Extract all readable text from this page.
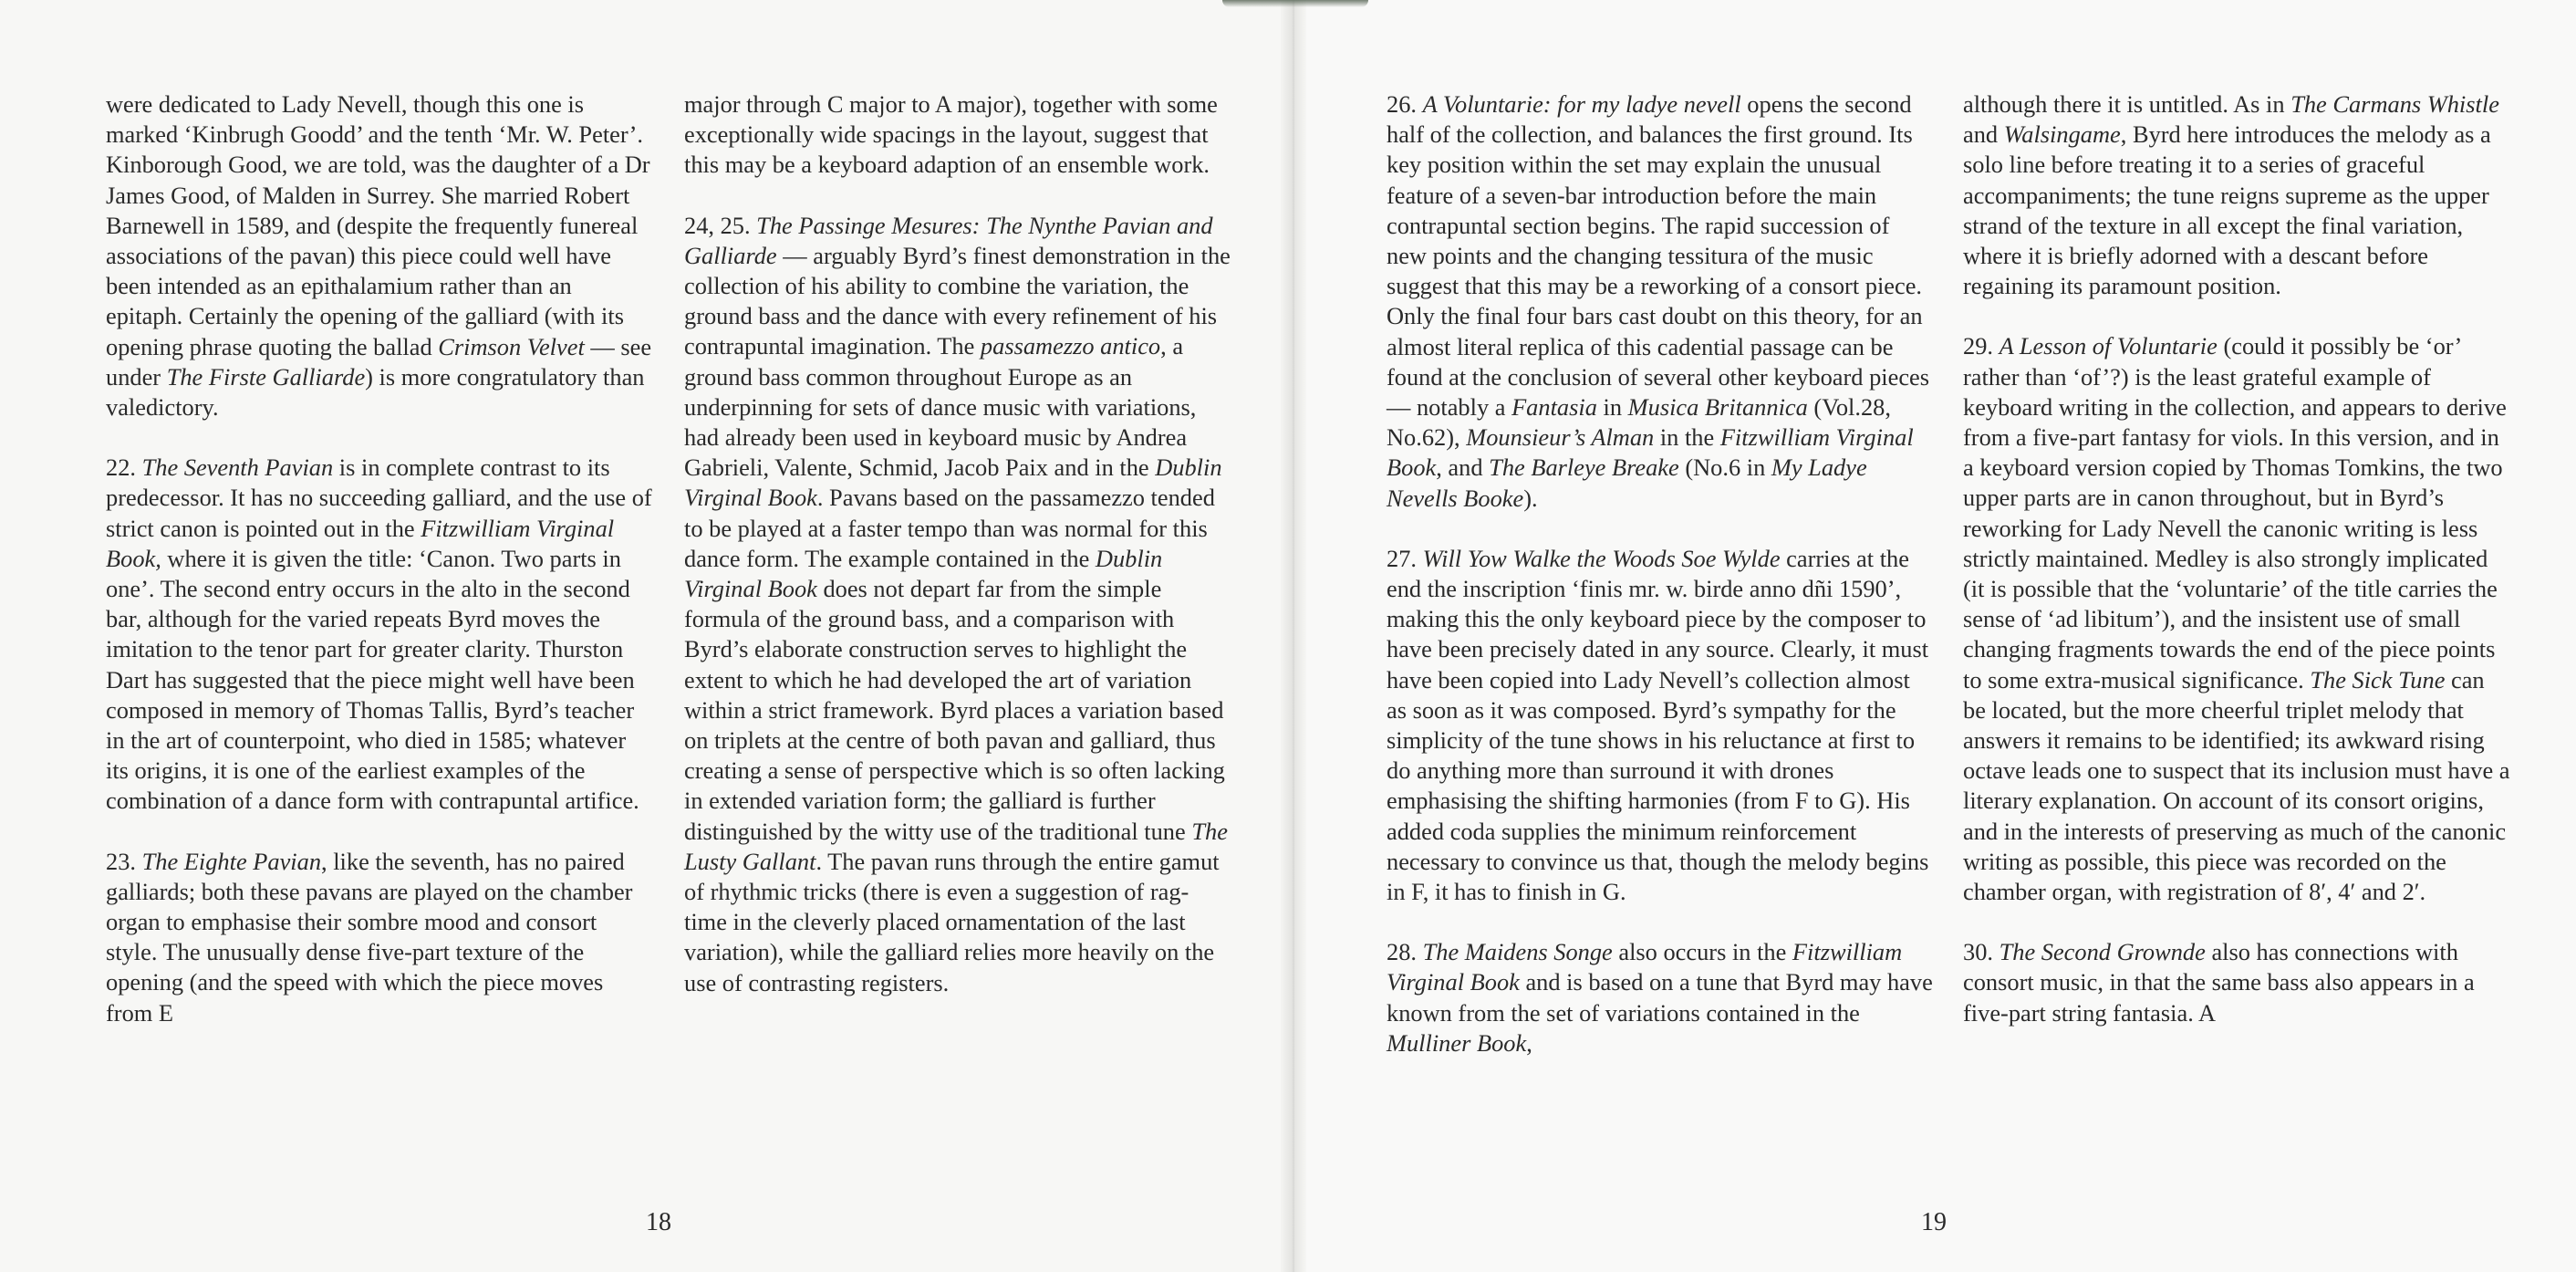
were dedicated to Lady Nevell, though this one is marked ‘Kinbrugh Goodd’ and the tenth ‘Mr. W. Peter’. Kinborough Good, we are told, was the daughter of a Dr James Good, of Malden in Surrey. She married Robert Barnewell in 1589, and (despite the frequently funereal associations of the pavan) this piece could well have been intended as an epithalamium rather than an epitaph. Certainly the opening of the galliard (with its opening phrase quoting the ballad Crimson Velvet — see under The Firste Galliarde) is more congratulatory than valedictory.

22. The Seventh Pavian is in complete contrast to its predecessor. It has no succeeding galliard, and the use of strict canon is pointed out in the Fitzwilliam Virginal Book, where it is given the title: ‘Canon. Two parts in one’. The second entry occurs in the alto in the second bar, although for the varied repeats Byrd moves the imitation to the tenor part for greater clarity. Thurston Dart has suggested that the piece might well have been composed in memory of Thomas Tallis, Byrd’s teacher in the art of counterpoint, who died in 1585; whatever its origins, it is one of the earliest examples of the combination of a dance form with contrapuntal artifice.

23. The Eighte Pavian, like the seventh, has no paired galliards; both these pavans are played on the chamber organ to emphasise their sombre mood and consort style. The unusually dense five-part texture of the opening (and the speed with which the piece moves from E

major through C major to A major), together with some exceptionally wide spacings in the layout, suggest that this may be a keyboard adaption of an ensemble work.

24, 25. The Passinge Mesures: The Nynthe Pavian and Galliarde — arguably Byrd’s finest demonstration in the collection of his ability to combine the variation, the ground bass and the dance with every refinement of his contrapuntal imagination. The passamezzo antico, a ground bass common throughout Europe as an underpinning for sets of dance music with variations, had already been used in keyboard music by Andrea Gabrieli, Valente, Schmid, Jacob Paix and in the Dublin Virginal Book. Pavans based on the passamezzo tended to be played at a faster tempo than was normal for this dance form. The example contained in the Dublin Virginal Book does not depart far from the simple formula of the ground bass, and a comparison with Byrd’s elaborate construction serves to highlight the extent to which he had developed the art of variation within a strict framework. Byrd places a variation based on triplets at the centre of both pavan and galliard, thus creating a sense of perspective which is so often lacking in extended variation form; the galliard is further distinguished by the witty use of the traditional tune The Lusty Gallant. The pavan runs through the entire gamut of rhythmic tricks (there is even a suggestion of rag-time in the cleverly placed ornamentation of the last variation), while the galliard relies more heavily on the use of contrasting registers.

26. A Voluntarie: for my ladye nevell opens the second half of the collection, and balances the first ground. Its key position within the set may explain the unusual feature of a seven-bar introduction before the main contrapuntal section begins. The rapid succession of new points and the changing tessitura of the music suggest that this may be a reworking of a consort piece. Only the final four bars cast doubt on this theory, for an almost literal replica of this cadential passage can be found at the conclusion of several other keyboard pieces — notably a Fantasia in Musica Britannica (Vol.28, No.62), Mounsieur’s Alman in the Fitzwilliam Virginal Book, and The Barleye Breake (No.6 in My Ladye Nevells Booke).

27. Will Yow Walke the Woods Soe Wylde carries at the end the inscription ‘finis mr. w. birde anno dñi 1590’, making this the only keyboard piece by the composer to have been precisely dated in any source. Clearly, it must have been copied into Lady Nevell’s collection almost as soon as it was composed. Byrd’s sympathy for the simplicity of the tune shows in his reluctance at first to do anything more than surround it with drones emphasising the shifting harmonies (from F to G). His added coda supplies the minimum reinforcement necessary to convince us that, though the melody begins in F, it has to finish in G.

28. The Maidens Songe also occurs in the Fitzwilliam Virginal Book and is based on a tune that Byrd may have known from the set of variations contained in the Mulliner Book,

although there it is untitled. As in The Carmans Whistle and Walsingame, Byrd here introduces the melody as a solo line before treating it to a series of graceful accompaniments; the tune reigns supreme as the upper strand of the texture in all except the final variation, where it is briefly adorned with a descant before regaining its paramount position.

29. A Lesson of Voluntarie (could it possibly be ‘or’ rather than ‘of’?) is the least grateful example of keyboard writing in the collection, and appears to derive from a five-part fantasy for viols. In this version, and in a keyboard version copied by Thomas Tomkins, the two upper parts are in canon throughout, but in Byrd’s reworking for Lady Nevell the canonic writing is less strictly maintained. Medley is also strongly implicated (it is possible that the ‘voluntarie’ of the title carries the sense of ‘ad libitum’), and the insistent use of small changing fragments towards the end of the piece points to some extra-musical significance. The Sick Tune can be located, but the more cheerful triplet melody that answers it remains to be identified; its awkward rising octave leads one to suspect that its inclusion must have a literary explanation. On account of its consort origins, and in the interests of preserving as much of the canonic writing as possible, this piece was recorded on the chamber organ, with registration of 8′, 4′ and 2′.

30. The Second Grownde also has connections with consort music, in that the same bass also appears in a five-part string fantasia. A

18	19
